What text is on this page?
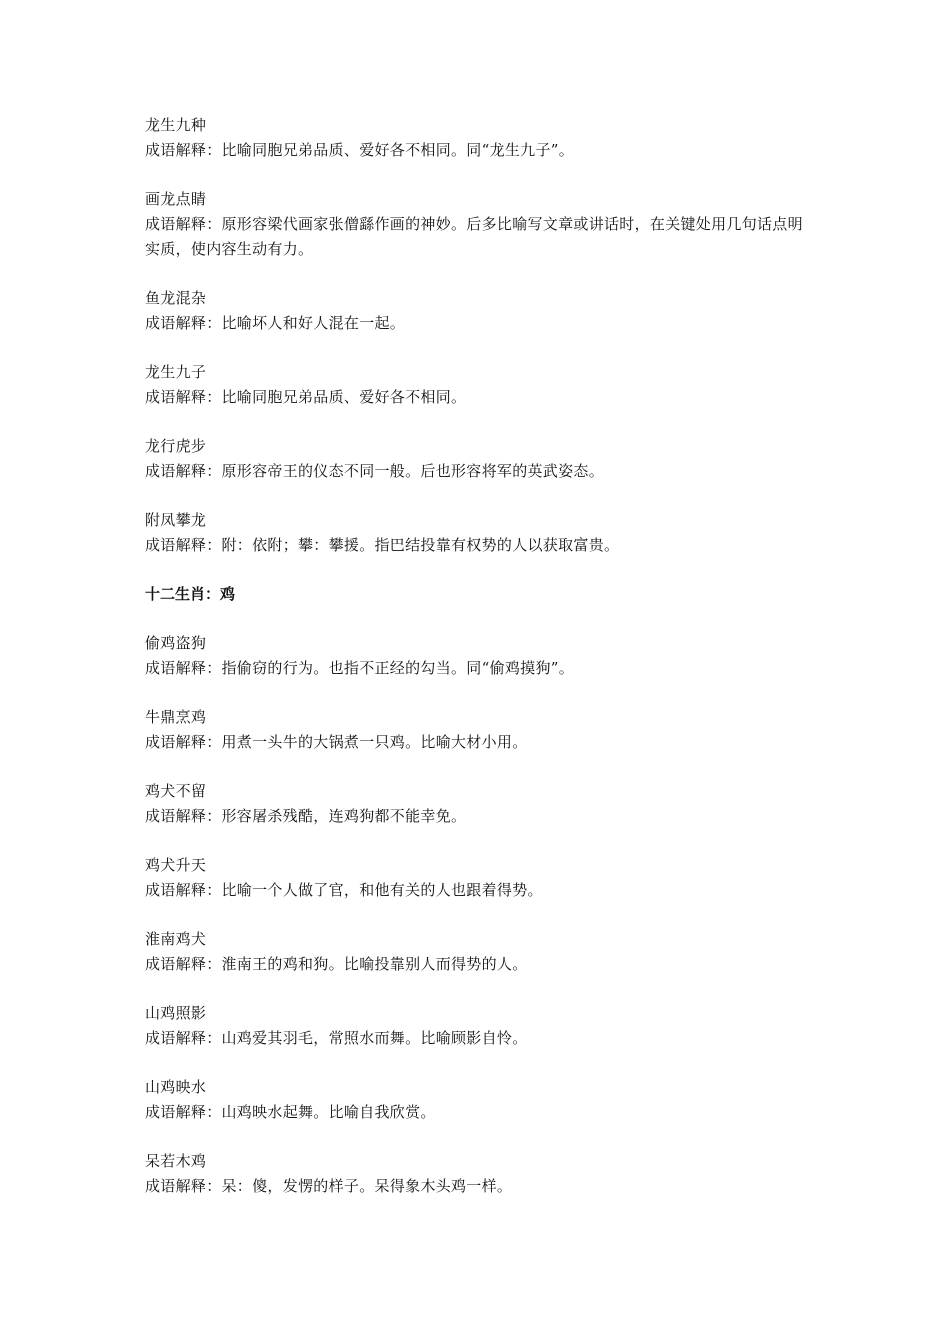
龙生九种

成语解释：比喻同胞兄弟品质、爱好各不相同。同“龙生九子”。

画龙点睛

成语解释：原形容梁代画家张僧繇作画的神妙。后多比喻写文章或讲话时，在关键处用几句话点明实质，使内容生动有力。

鱼龙混杂

成语解释：比喻坏人和好人混在一起。

龙生九子

成语解释：比喻同胞兄弟品质、爱好各不相同。

龙行虎步

成语解释：原形容帝王的仪态不同一般。后也形容将军的英武姿态。

附凤攀龙

成语解释：附：依附；攀：攀援。指巴结投靠有权势的人以获取富贵。

十二生肖：鸡

偷鸡盗狗

成语解释：指偷窃的行为。也指不正经的勾当。同“偷鸡摸狗”。

牛鼎烹鸡

成语解释：用煮一头牛的大锅煮一只鸡。比喻大材小用。

鸡犬不留

成语解释：形容屠杀残酷，连鸡狗都不能幸免。

鸡犬升天

成语解释：比喻一个人做了官，和他有关的人也跟着得势。

淮南鸡犬

成语解释：淮南王的鸡和狗。比喻投靠别人而得势的人。

山鸡照影

成语解释：山鸡爱其羽毛，常照水而舞。比喻顾影自怜。

山鸡映水

成语解释：山鸡映水起舞。比喻自我欣赏。

呆若木鸡

成语解释：呆：傻，发愣的样子。呆得象木头鸡一样。
